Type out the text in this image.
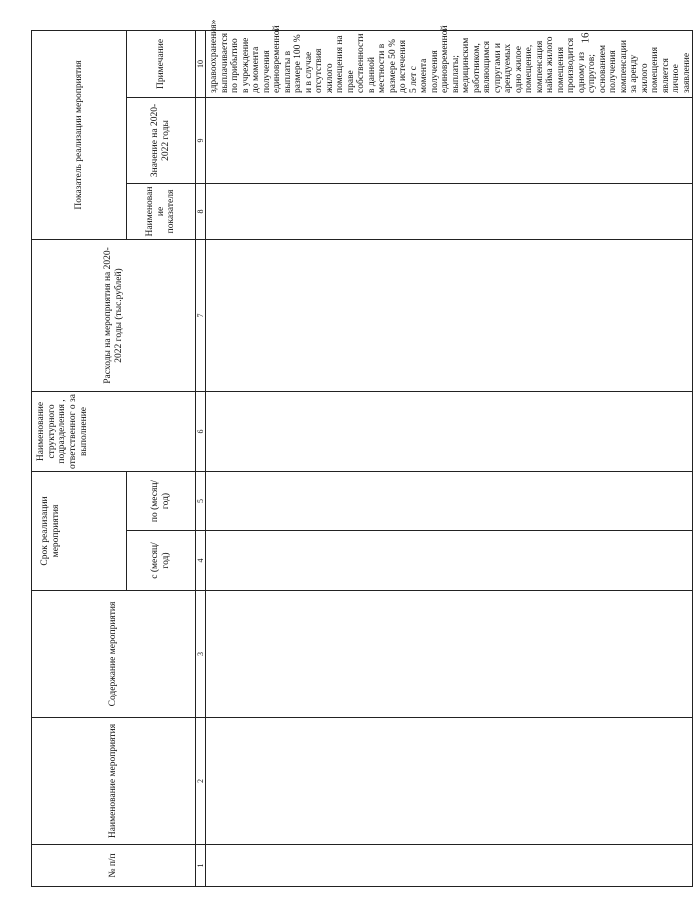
16
№ п/п	Наименование мероприятия	Содержание мероприятия	Срок реализации мероприятия		Наименование структурного подразделения , ответственног о за выполнение	Расходы на мероприятия на 2020-2022 годы (тыс.рублей)	Показатель реализации мероприятия		
			с (месяц/ год)	по (месяц/ год)			Наименован ие показателя	Значение на 2020-2022 годы	Примечание
1	2	3	4	5	6	7	8	9	10
									здравоохранения» выплачивается по прибытию в учреждение до момента получения единовременной выплаты в размере 100 % и в случае отсутствия жилого помещения на праве собственности в данной местности в размере 50 % до истечения 5 лет с момента получения единовременной выплаты; медицинским работником, являющимся супругами и арендуемых одно жилое помещение, компенсация найма жилого помещения производится одному из супругов; основанием получения компенсации за аренду жилого помещения является личное заявление
